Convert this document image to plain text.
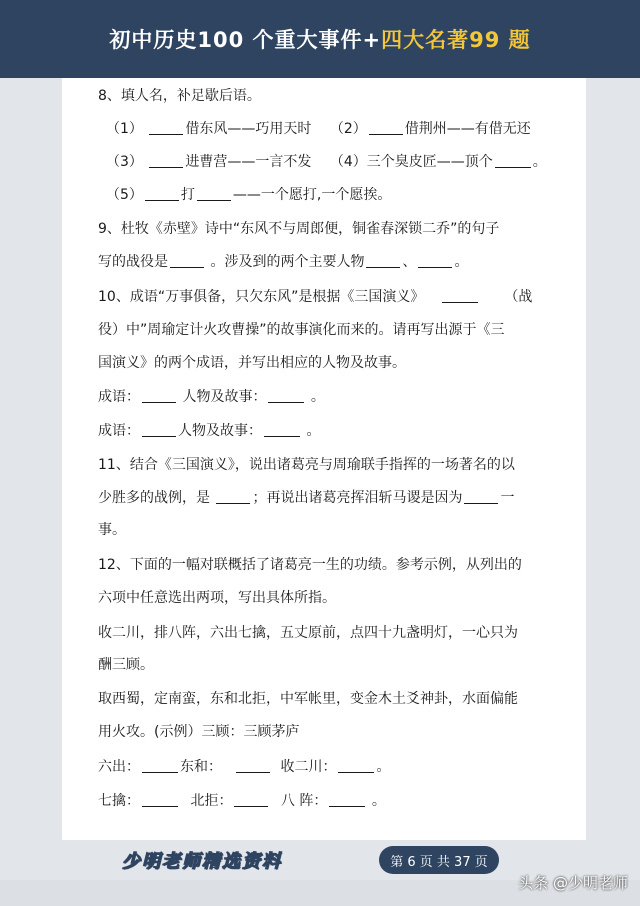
初中历史100 个重大事件+四大名著99 题
8、填人名，补足歇后语。
（1）	借东风——巧用天时 （2）	借荆州——有借无还
（3）	进曹营——一言不发 （4）三个臭皮匠——顶个	。
（5）	打	——一个愿打,一个愿挨。
9、杜牧《赤壁》诗中“东风不与周郎便，铜雀春深锁二乔”的句子
写的战役是	。涉及到的两个主要人物	、	。
10、成语“万事俱备，只欠东风”是根据《三国演义》	（战
役）中”周瑜定计火攻曹操”的故事演化而来的。请再写出源于《三
国演义》的两个成语，并写出相应的人物及故事。
成语：	人物及故事：	。
成语：	人物及故事：	。
11、结合《三国演义》，说出诸葛亮与周瑜联手指挥的一场著名的以
少胜多的战例，是	；再说出诸葛亮挥泪斩马谡是因为	一
事。
12、下面的一幅对联概括了诸葛亮一生的功绩。参考示例，从列出的
六项中任意选出两项，写出具体所指。
收二川，排八阵，六出七擒，五丈原前，点四十九盏明灯，一心只为
酬三顾。
取西蜀，定南蛮，东和北拒，中军帐里，变金木土爻神卦，水面偏能
用火攻。(示例）三顾：三顾茅庐
六出：	东和：	收二川：	。
七擒：	北拒：	八 阵：	。
少明老师精选资料	第 6 页 共 37 页
头条 @少明老师
